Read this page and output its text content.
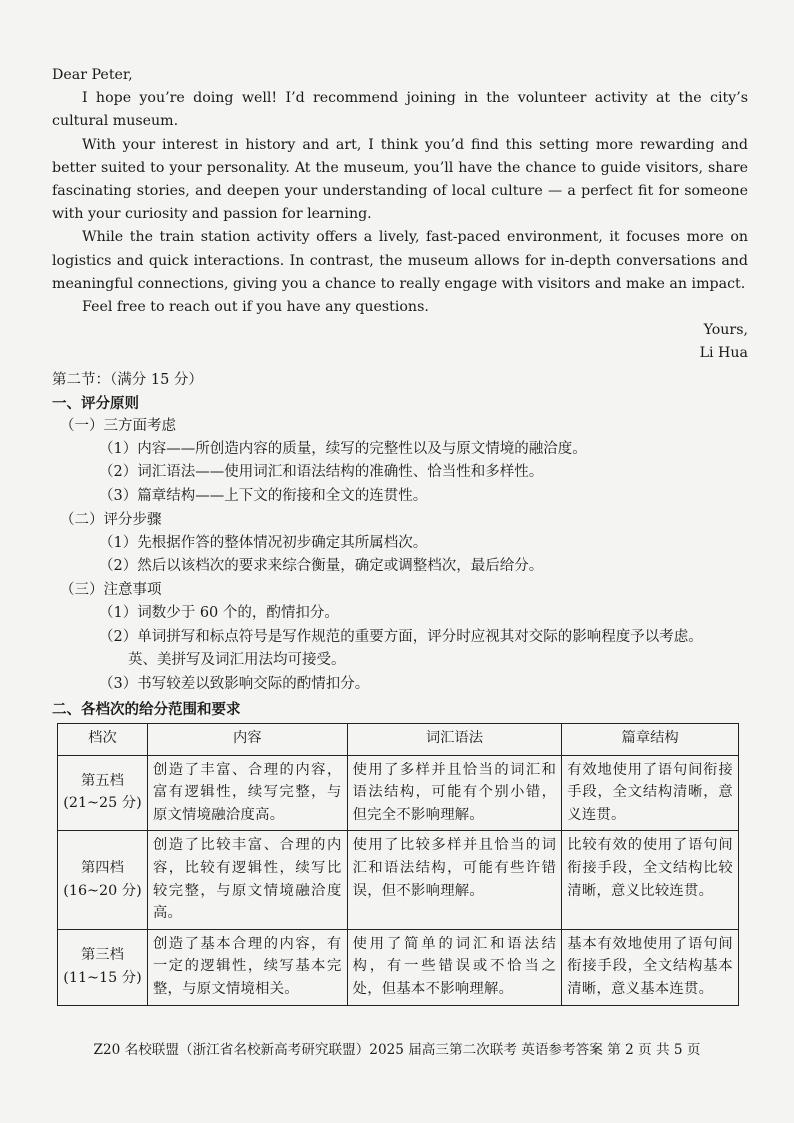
Dear Peter,

I hope you’re doing well! I’d recommend joining in the volunteer activity at the city’s cultural museum.

With your interest in history and art, I think you’d find this setting more rewarding and better suited to your personality. At the museum, you’ll have the chance to guide visitors, share fascinating stories, and deepen your understanding of local culture — a perfect fit for someone with your curiosity and passion for learning.

While the train station activity offers a lively, fast-paced environment, it focuses more on logistics and quick interactions. In contrast, the museum allows for in-depth conversations and meaningful connections, giving you a chance to really engage with visitors and make an impact.

Feel free to reach out if you have any questions.

Yours,

Li Hua

第二节：（满分 15 分）
一、评分原则
（一）三方面考虑
（1）内容——所创造内容的质量，续写的完整性以及与原文情境的融洽度。
（2）词汇语法——使用词汇和语法结构的准确性、恰当性和多样性。
（3）篇章结构——上下文的衔接和全文的连贯性。
（二）评分步骤
（1）先根据作答的整体情况初步确定其所属档次。
（2）然后以该档次的要求来综合衡量，确定或调整档次，最后给分。
（三）注意事项
（1）词数少于 60 个的，酌情扣分。
（2）单词拼写和标点符号是写作规范的重要方面，评分时应视其对交际的影响程度予以考虑。
英、美拼写及词汇用法均可接受。
（3）书写较差以致影响交际的酌情扣分。
二、各档次的给分范围和要求
档次	内容	词汇语法	篇章结构

第五档
(21~25 分)	创造了丰富、合理的内容，富有逻辑性，续写完整，与原文情境融洽度高。	使用了多样并且恰当的词汇和语法结构，可能有个别小错，但完全不影响理解。	有效地使用了语句间衔接手段，全文结构清晰，意义连贯。

第四档
(16~20 分)	创造了比较丰富、合理的内容，比较有逻辑性，续写比较完整，与原文情境融洽度高。	使用了比较多样并且恰当的词汇和语法结构，可能有些许错误，但不影响理解。	比较有效的使用了语句间衔接手段，全文结构比较清晰，意义比较连贯。

第三档
(11~15 分)	创造了基本合理的内容，有一定的逻辑性，续写基本完整，与原文情境相关。	使用了简单的词汇和语法结构，有一些错误或不恰当之处，但基本不影响理解。	基本有效地使用了语句间衔接手段，全文结构基本清晰，意义基本连贯。
Z20 名校联盟（浙江省名校新高考研究联盟）2025 届高三第二次联考 英语参考答案 第 2 页 共 5 页
